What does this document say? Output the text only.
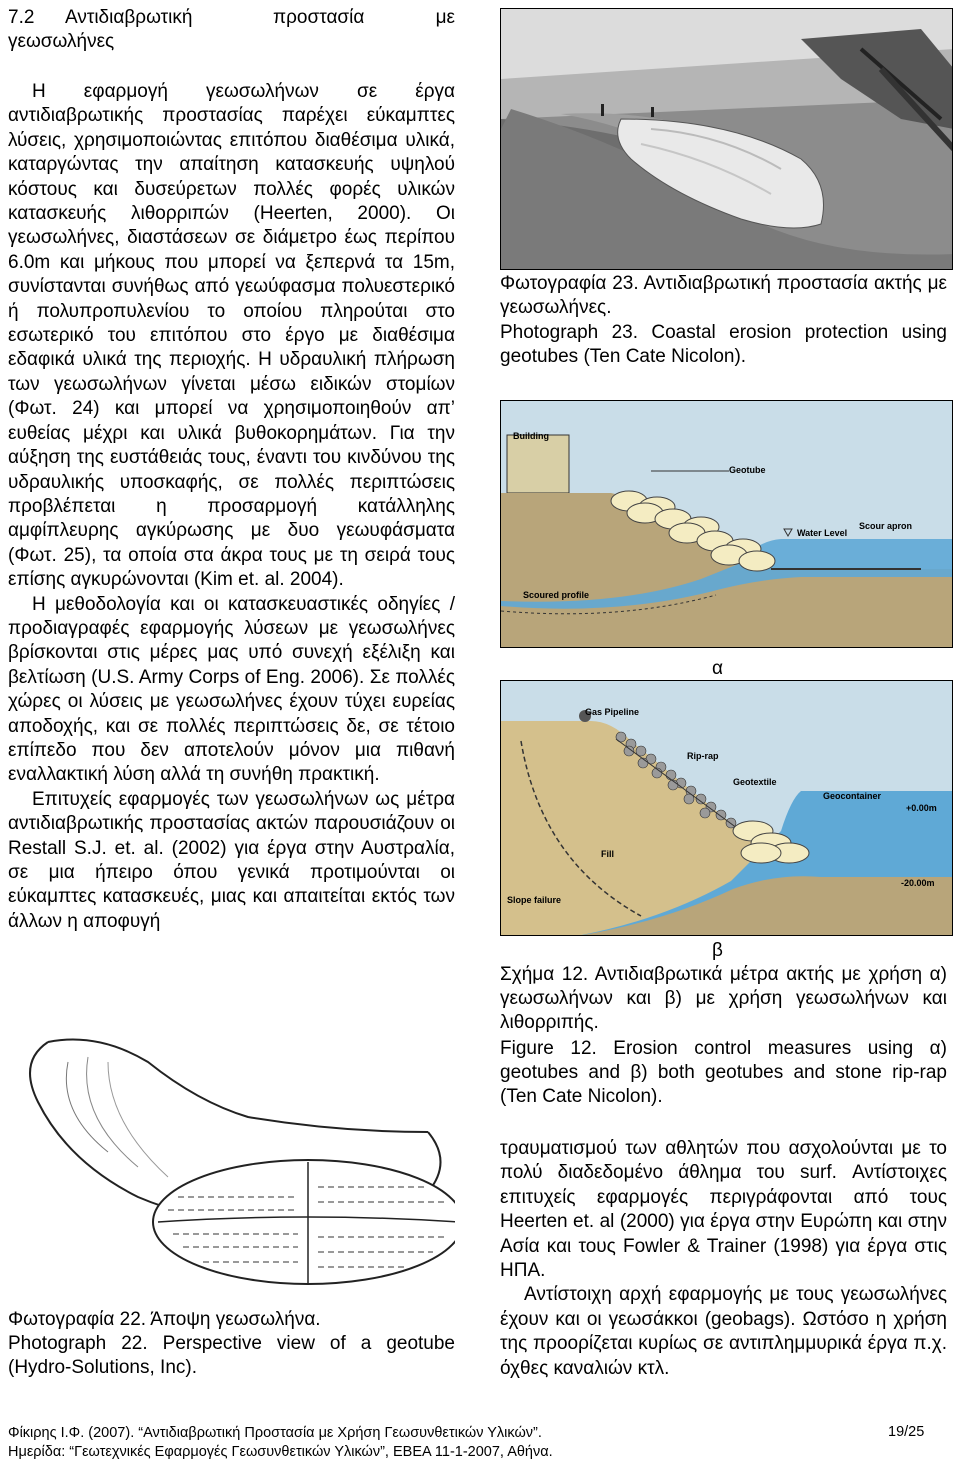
7.2 Αντιδιαβρωτική	προστασία	με
γεωσωλήνες

Η εφαρμογή γεωσωλήνων σε έργα αντιδιαβρωτικής προστασίας παρέχει εύκαμπτες λύσεις, χρησιμοποιώντας επιτόπου διαθέσιμα υλικά, καταργώντας την απαίτηση κατασκευής υψηλού κόστους και δυσεύρετων πολλές φορές υλικών κατασκευής λιθορριπών (Heerten, 2000). Οι γεωσωλήνες, διαστάσεων σε διάμετρο έως περίπου 6.0m και μήκους που μπορεί να ξεπερνά τα 15m, συνίστανται συνήθως από γεωύφασμα πολυεστερικό ή πολυπροπυλενίου το οποίου πληρούται στο εσωτερικό του επιτόπου στο έργο με διαθέσιμα εδαφικά υλικά της περιοχής. Η υδραυλική πλήρωση των γεωσωλήνων γίνεται μέσω ειδικών στομίων (Φωτ. 24) και μπορεί να χρησιμοποιηθούν απ’ ευθείας μέχρι και υλικά βυθοκορημάτων. Για την αύξηση της ευστάθειάς τους, έναντι του κινδύνου της υδραυλικής υποσκαφής, σε πολλές περιπτώσεις προβλέπεται η προσαρμογή κατάλληλης αμφίπλευρης αγκύρωσης με δυο γεωυφάσματα (Φωτ. 25), τα οποία στα άκρα τους με τη σειρά τους επίσης αγκυρώνονται (Kim et. al. 2004).

Η μεθοδολογία και οι κατασκευαστικές οδηγίες / προδιαγραφές εφαρμογής λύσεων με γεωσωλήνες βρίσκονται στις μέρες μας υπό συνεχή εξέλιξη και βελτίωση (U.S. Army Corps of Eng. 2006). Σε πολλές χώρες οι λύσεις με γεωσωλήνες έχουν τύχει ευρείας αποδοχής, και σε πολλές περιπτώσεις δε, σε τέτοιο επίπεδο που δεν αποτελούν μόνον μια πιθανή εναλλακτική λύση αλλά τη συνήθη πρακτική.

Επιτυχείς εφαρμογές των γεωσωλήνων ως μέτρα αντιδιαβρωτικής προστασίας ακτών παρουσιάζουν οι Restall S.J. et. al. (2002) για έργα στην Αυστραλία, σε μια ήπειρο όπου γενικά προτιμούνται οι εύκαμπτες κατασκευές, μιας και απαιτείται εκτός των άλλων η αποφυγή

Φωτογραφία 23. Αντιδιαβρωτική προστασία ακτής με γεωσωλήνες.
Photograph 23. Coastal erosion protection using geotubes (Ten Cate Nicolon).
Building
Geotube
Water Level
Scour apron
Scoured profile
α
Gas Pipeline
Rip-rap
Geotextile
Geocontainer
+0.00m
Fill
Slope failure
-20.00m
β
Σχήμα 12. Αντιδιαβρωτικά μέτρα ακτής με χρήση α) γεωσωλήνων και β) με χρήση γεωσωλήνων και λιθορριπής.
Figure 12. Erosion control measures using α) geotubes and β) both geotubes and stone rip-rap (Ten Cate Nicolon).

τραυματισμού των αθλητών που ασχολούνται με το πολύ διαδεδομένο άθλημα του surf. Αντίστοιχες επιτυχείς εφαρμογές περιγράφονται από τους Heerten et. al (2000) για έργα στην Ευρώπη και στην Ασία και τους Fowler & Trainer (1998) για έργα στις ΗΠΑ.

Αντίστοιχη αρχή εφαρμογής με τους γεωσωλήνες έχουν και οι γεωσάκκοι (geobags). Ωστόσο η χρήση της προορίζεται κυρίως σε αντιπλημμυρικά έργα π.χ. όχθες καναλιών κτλ.

Φωτογραφία 22. Άποψη γεωσωλήνα.
Photograph 22. Perspective view of a geotube (Hydro-Solutions, Inc).
Φίκιρης Ι.Φ. (2007). “Αντιδιαβρωτική Προστασία με Χρήση Γεωσυνθετικών Υλικών”.	19/25
Ημερίδα: “Γεωτεχνικές Εφαρμογές Γεωσυνθετικών Υλικών”, ΕΒΕΑ 11-1-2007, Αθήνα.
